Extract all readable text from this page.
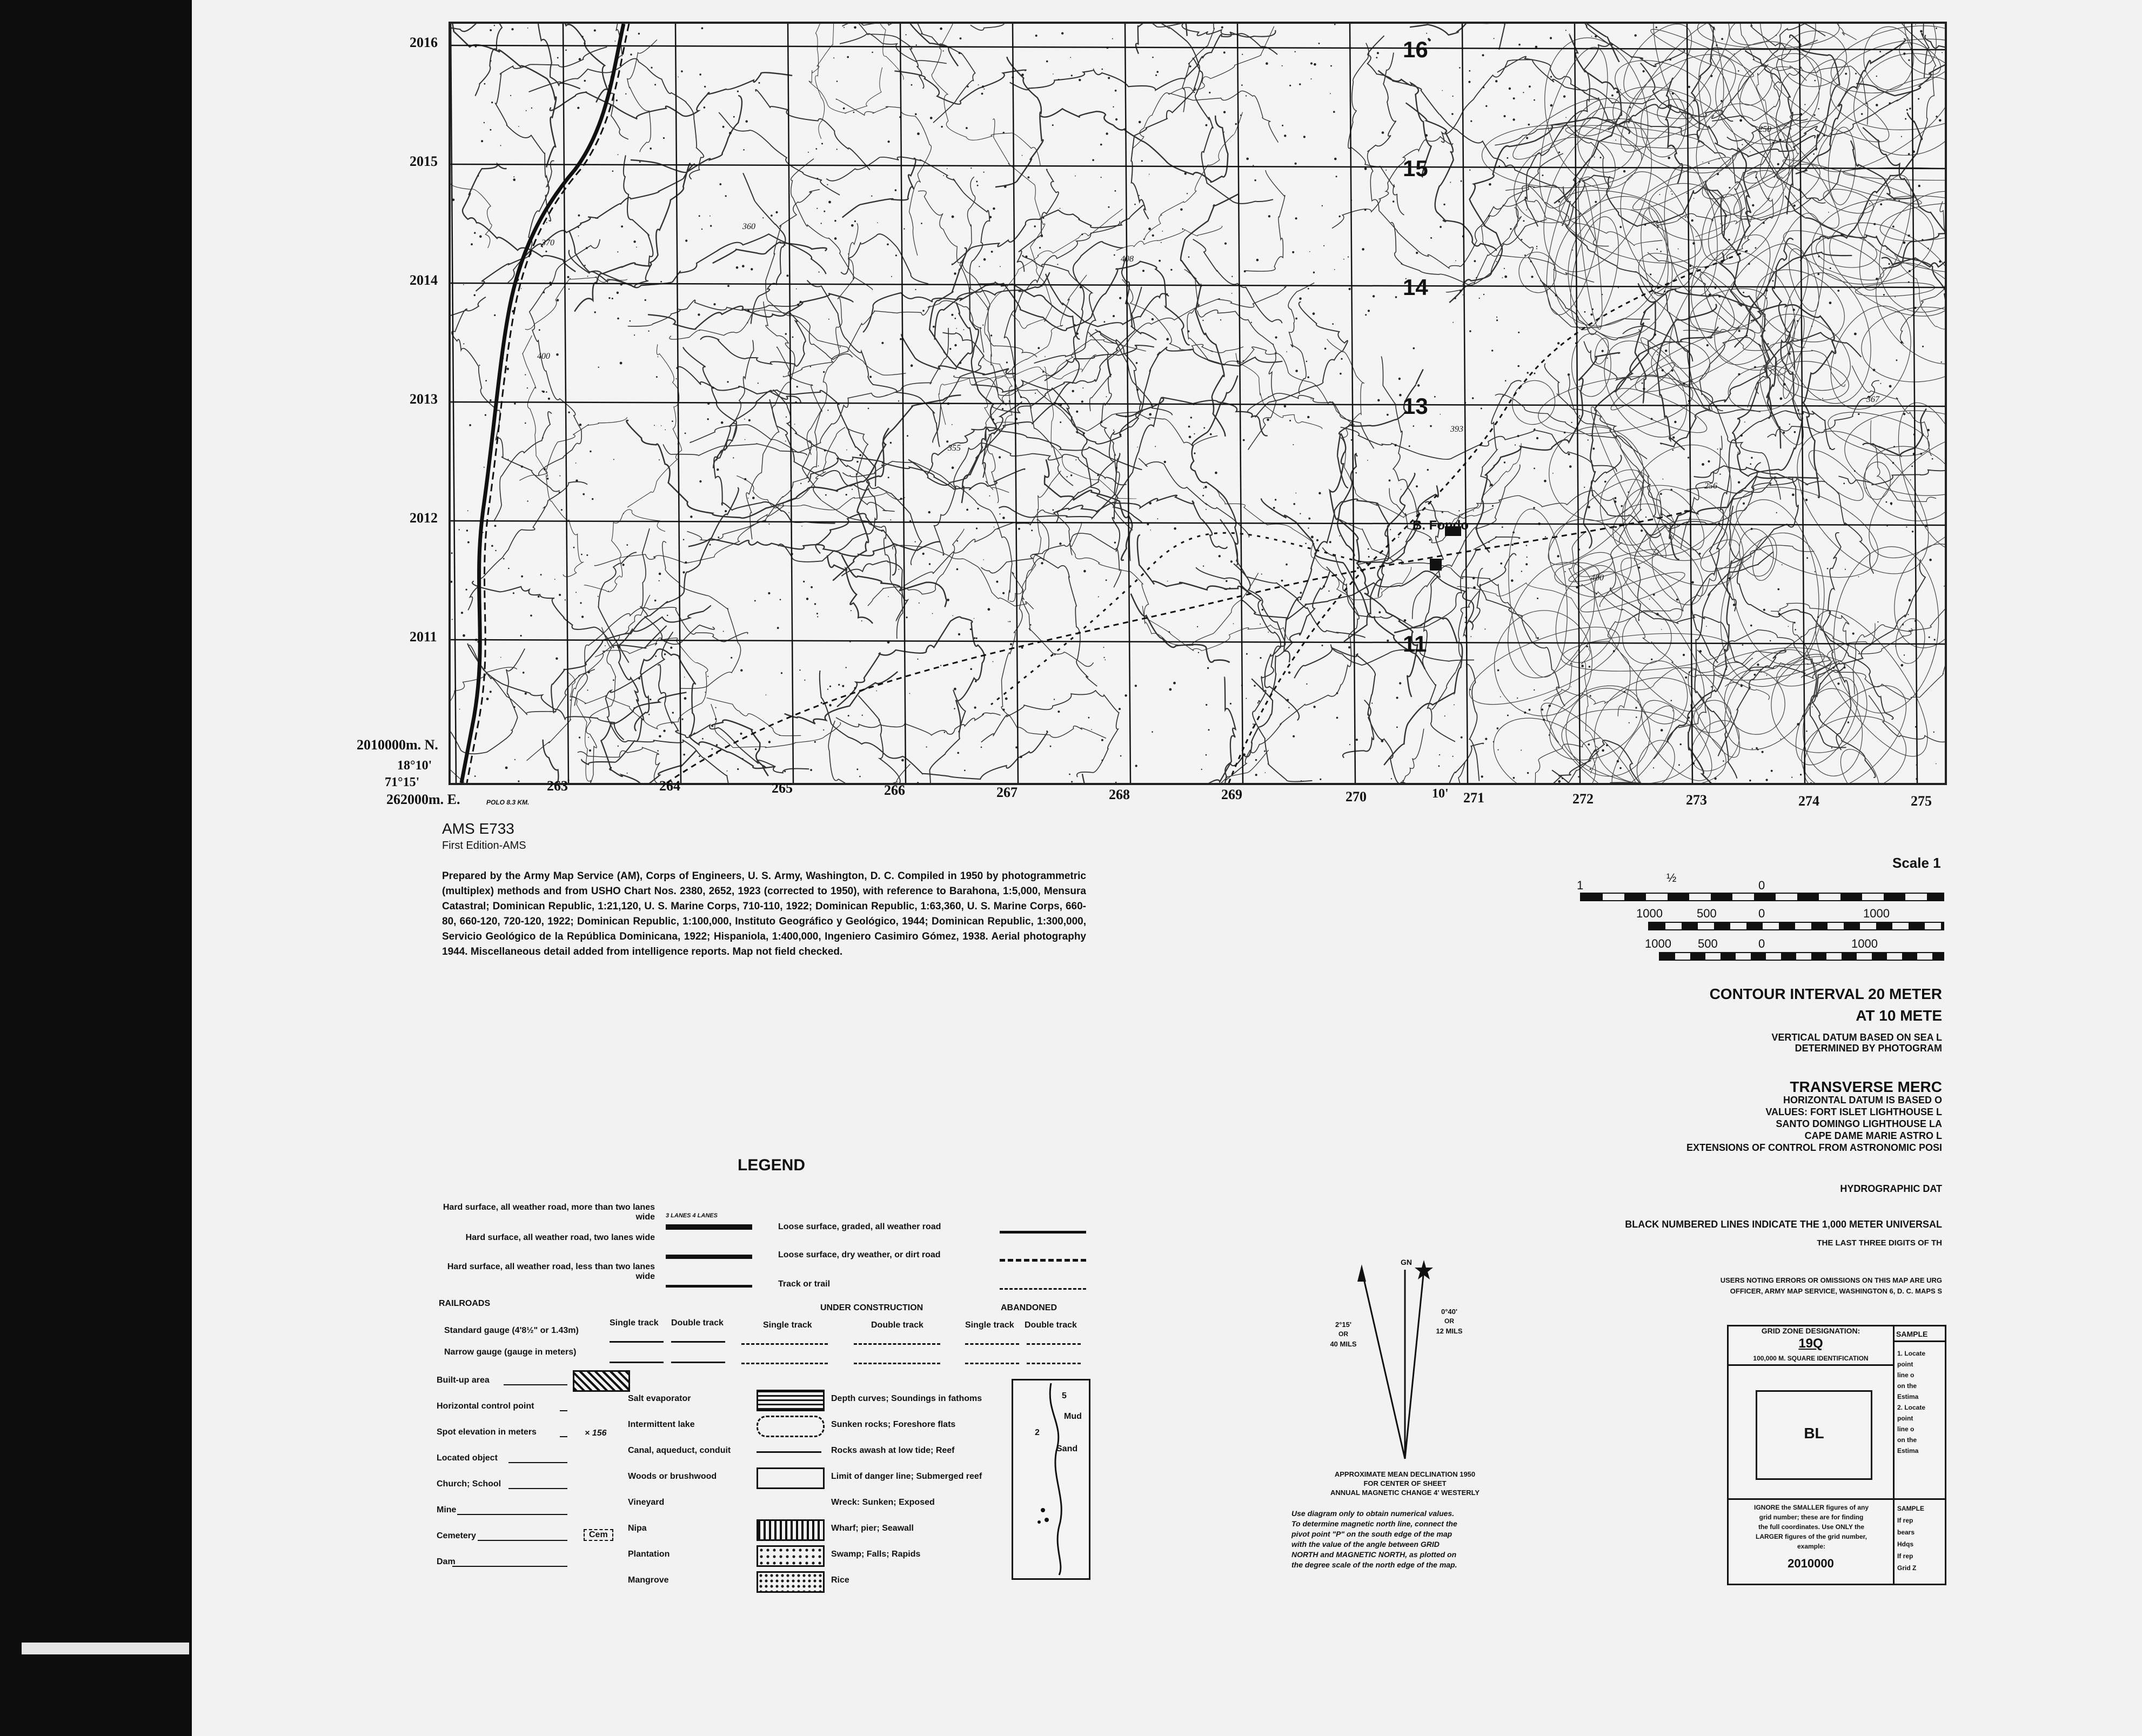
16
15
14
13
11
B. Fondo
250
370
400
360
408
355
393
256
400
367
2016
2015
2014
2013
2012
2011
2010000m. N.
18°10'
71°15'
262000m. E.	POLO 8.3 KM.
263	264	265	266	267	268	269	270	271	272	273	274	275
10'
AMS E733
First Edition-AMS
Prepared by the Army Map Service (AM), Corps of Engineers, U. S. Army, Washington, D. C. Compiled in 1950 by photogrammetric (multiplex) methods and from USHO Chart Nos. 2380, 2652, 1923 (corrected to 1950), with reference to Barahona, 1:5,000, Mensura Catastral; Dominican Republic, 1:21,120, U. S. Marine Corps, 710-110, 1922; Dominican Republic, 1:63,360, U. S. Marine Corps, 660-80, 660-120, 720-120, 1922; Dominican Republic, 1:100,000, Instituto Geográfico y Geológico, 1944; Dominican Republic, 1:300,000, Servicio Geológico de la República Dominicana, 1922; Hispaniola, 1:400,000, Ingeniero Casimiro Gómez, 1938. Aerial photography 1944. Miscellaneous detail added from intelligence reports. Map not field checked.
LEGEND
Hard surface, all weather road, more than two lanes wide 3 LANES 4 LANES
Hard surface, all weather road, two lanes wide
Hard surface, all weather road, less than two lanes wide
Loose surface, graded, all weather road
Loose surface, dry weather, or dirt road
Track or trail
RAILROADS	UNDER CONSTRUCTION	ABANDONED
Standard gauge (4'8½" or 1.43m)
Narrow gauge (gauge in meters)
Single track Double track	Single track	Double track	Single track Double track
Built-up area
Horizontal control point
Spot elevation in meters
Located object
Church; School
Mine
Cemetery
Dam
× 156
Cem
Salt evaporator
Intermittent lake
Canal, aqueduct, conduit
Woods or brushwood
Vineyard
Nipa
Plantation
Mangrove
Depth curves; Soundings in fathoms
Sunken rocks; Foreshore flats
Rocks awash at low tide; Reef
Limit of danger line; Submerged reef
Wreck: Sunken; Exposed
Wharf; pier; Seawall
Swamp; Falls; Rapids
Rice
5
Mud
2
Sand
GN
2°15'
OR
40 MILS
0°40'
OR
12 MILS
APPROXIMATE MEAN DECLINATION 1950
FOR CENTER OF SHEET
ANNUAL MAGNETIC CHANGE 4' WESTERLY
Use diagram only to obtain numerical values.
To determine magnetic north line, connect the
pivot point "P" on the south edge of the map
with the value of the angle between GRID
NORTH and MAGNETIC NORTH, as plotted on
the degree scale of the north edge of the map.
Scale 1
1
½
0
1000	500	0	1000
1000 500	0	1000
CONTOUR INTERVAL 20 METER
AT 10 METE
VERTICAL DATUM BASED ON SEA L
DETERMINED BY PHOTOGRAM
TRANSVERSE MERC
HORIZONTAL DATUM IS BASED O
VALUES: FORT ISLET LIGHTHOUSE L
SANTO DOMINGO LIGHTHOUSE LA
CAPE DAME MARIE ASTRO L
EXTENSIONS OF CONTROL FROM ASTRONOMIC POSI
HYDROGRAPHIC DAT
BLACK NUMBERED LINES INDICATE THE 1,000 METER UNIVERSAL
THE LAST THREE DIGITS OF TH
USERS NOTING ERRORS OR OMISSIONS ON THIS MAP ARE URG
OFFICER, ARMY MAP SERVICE, WASHINGTON 6, D. C. MAPS S
GRID ZONE DESIGNATION:
19Q
100,000 M. SQUARE IDENTIFICATION
BL
IGNORE the SMALLER figures of any
grid number; these are for finding
the full coordinates. Use ONLY the
LARGER figures of the grid number,
example:
2010000
SAMPLE
1. Locate
point
line o
on the
Estima
2. Locate
point
line o
on the
Estima
SAMPLE
If rep
bears
Hdqs
If rep
Grid Z
